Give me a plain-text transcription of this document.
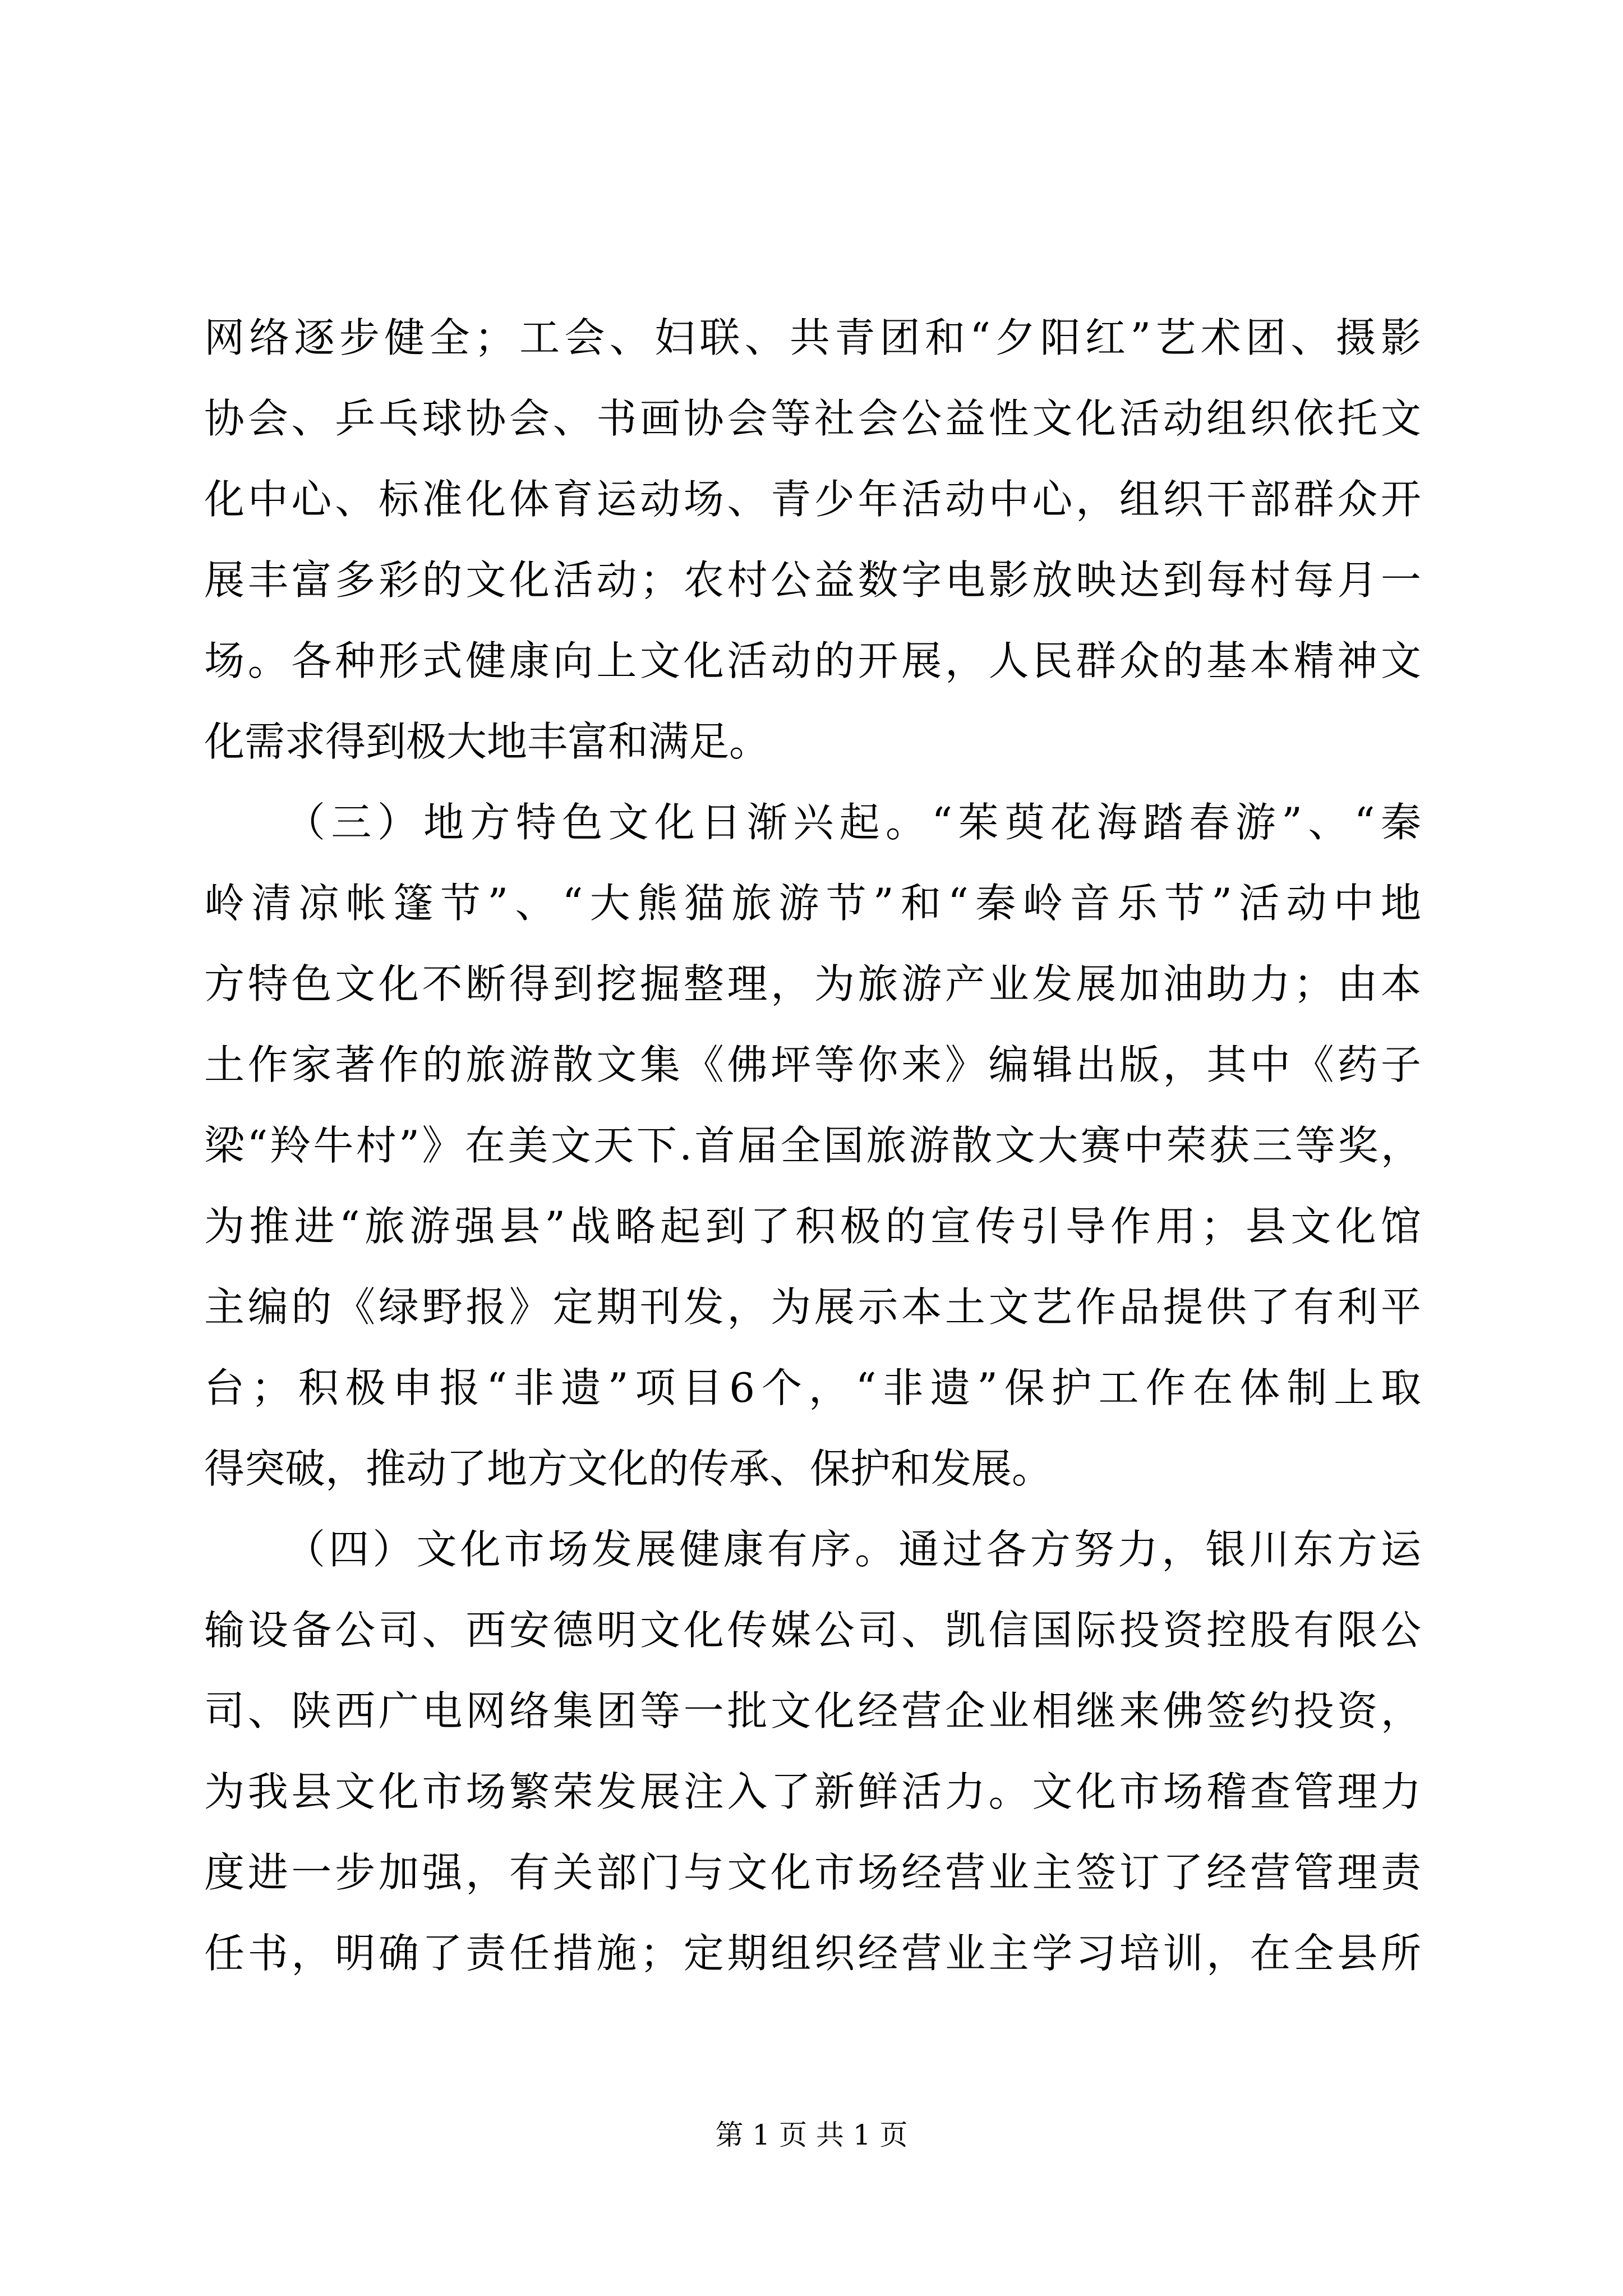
网络逐步健全；工会、妇联、共青团和“夕阳红”艺术团、摄影
协会、乒乓球协会、书画协会等社会公益性文化活动组织依托文
化中心、标准化体育运动场、青少年活动中心，组织干部群众开
展丰富多彩的文化活动；农村公益数字电影放映达到每村每月一
场。各种形式健康向上文化活动的开展，人民群众的基本精神文
化需求得到极大地丰富和满足。
（三）地方特色文化日渐兴起。“茱萸花海踏春游”、“秦
岭清凉帐篷节”、“大熊猫旅游节”和“秦岭音乐节”活动中地
方特色文化不断得到挖掘整理，为旅游产业发展加油助力；由本
土作家著作的旅游散文集《佛坪等你来》编辑出版，其中《药子
梁“羚牛村”》在美文天下.首届全国旅游散文大赛中荣获三等奖，
为推进“旅游强县”战略起到了积极的宣传引导作用；县文化馆
主编的《绿野报》定期刊发，为展示本土文艺作品提供了有利平
台；积极申报“非遗”项目6个，“非遗”保护工作在体制上取
得突破，推动了地方文化的传承、保护和发展。
（四）文化市场发展健康有序。通过各方努力，银川东方运
输设备公司、西安德明文化传媒公司、凯信国际投资控股有限公
司、陕西广电网络集团等一批文化经营企业相继来佛签约投资，
为我县文化市场繁荣发展注入了新鲜活力。文化市场稽查管理力
度进一步加强，有关部门与文化市场经营业主签订了经营管理责
任书，明确了责任措施；定期组织经营业主学习培训，在全县所
第 1 页 共 1 页
